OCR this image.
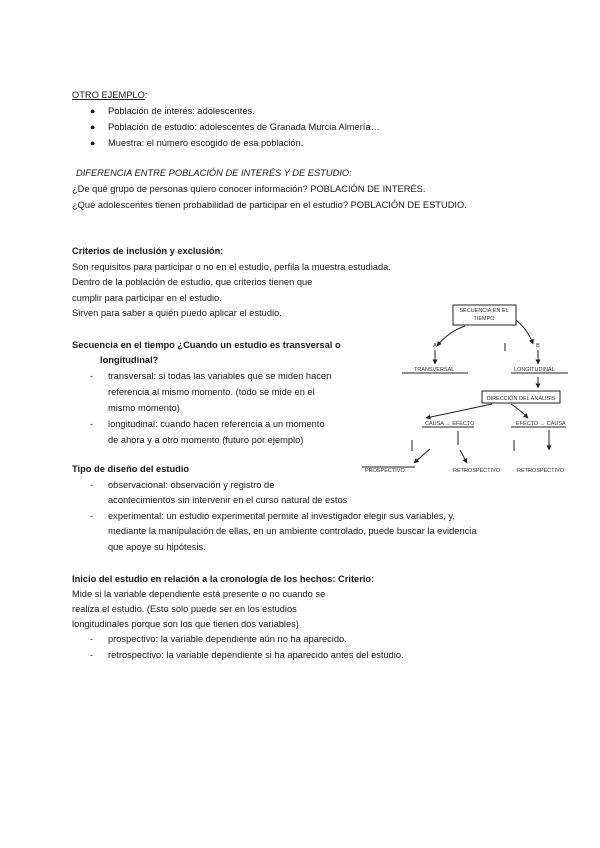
OTRO EJEMPLO:
● Población de interés: adolescentes.
● Población de estudio: adolescentes de Granada Murcia Almería…
● Muestra: el número escogido de esa población.
DIFERENCIA ENTRE POBLACIÓN DE INTERÉS Y DE ESTUDIO:
¿De qué grupo de personas quiero conocer información? POBLACIÓN DE INTERÉS.
¿Qué adolescentes tienen probabilidad de participar en el estudio? POBLACIÓN DE ESTUDIO.
Criterios de inclusión y exclusión:
Son requisitos para participar o no en el estudio, perfila la muestra estudiada.
Dentro de la población de estudio, que criterios tienen que
cumplir para participar en el estudio.
Sirven para saber a quién puedo aplicar el estudio.
Secuencia en el tiempo ¿Cuando un estudio es transversal o
longitudinal?
- transversal: si todas las variables que se miden hacen
referencia al mismo momento. (todo se mide en el
mismo momento)
- longitudinal: cuando hacen referencia a un momento
de ahora y a otro momento (futuro por ejemplo)
Tipo de diseño del estudio
- observacional: observación y registro de
acontecimientos sin intervenir en el curso natural de estos
- experimental: un estudio experimental permite al investigador elegir sus variables, y,
mediante la manipulación de ellas, en un ambiente controlado, puede buscar la evidencia
que apoye su hipótesis.
Inicio del estudio en relación a la cronología de los hechos: Criterio:
Mide si la variable dependiente está presente o no cuando se
realiza el estudio. (Esto solo puede ser en los estudios
longitudinales porque son los que tienen dos variables)
- prospectivo: la variable dependiente aún no ha aparecido.
- retrospectivo: la variable dependiente si ha aparecido antes del estudio.
SECUENCIA EN EL
TIEMPO
A	B
TRANSVERSAL	LONGITUDINAL
DIRECCIÓN DEL ANÁLISIS
CAUSA → EFECTO	EFECTO → CAUSA
PROSPECTIVO	RETROSPECTIVO	RETROSPECTIVO
